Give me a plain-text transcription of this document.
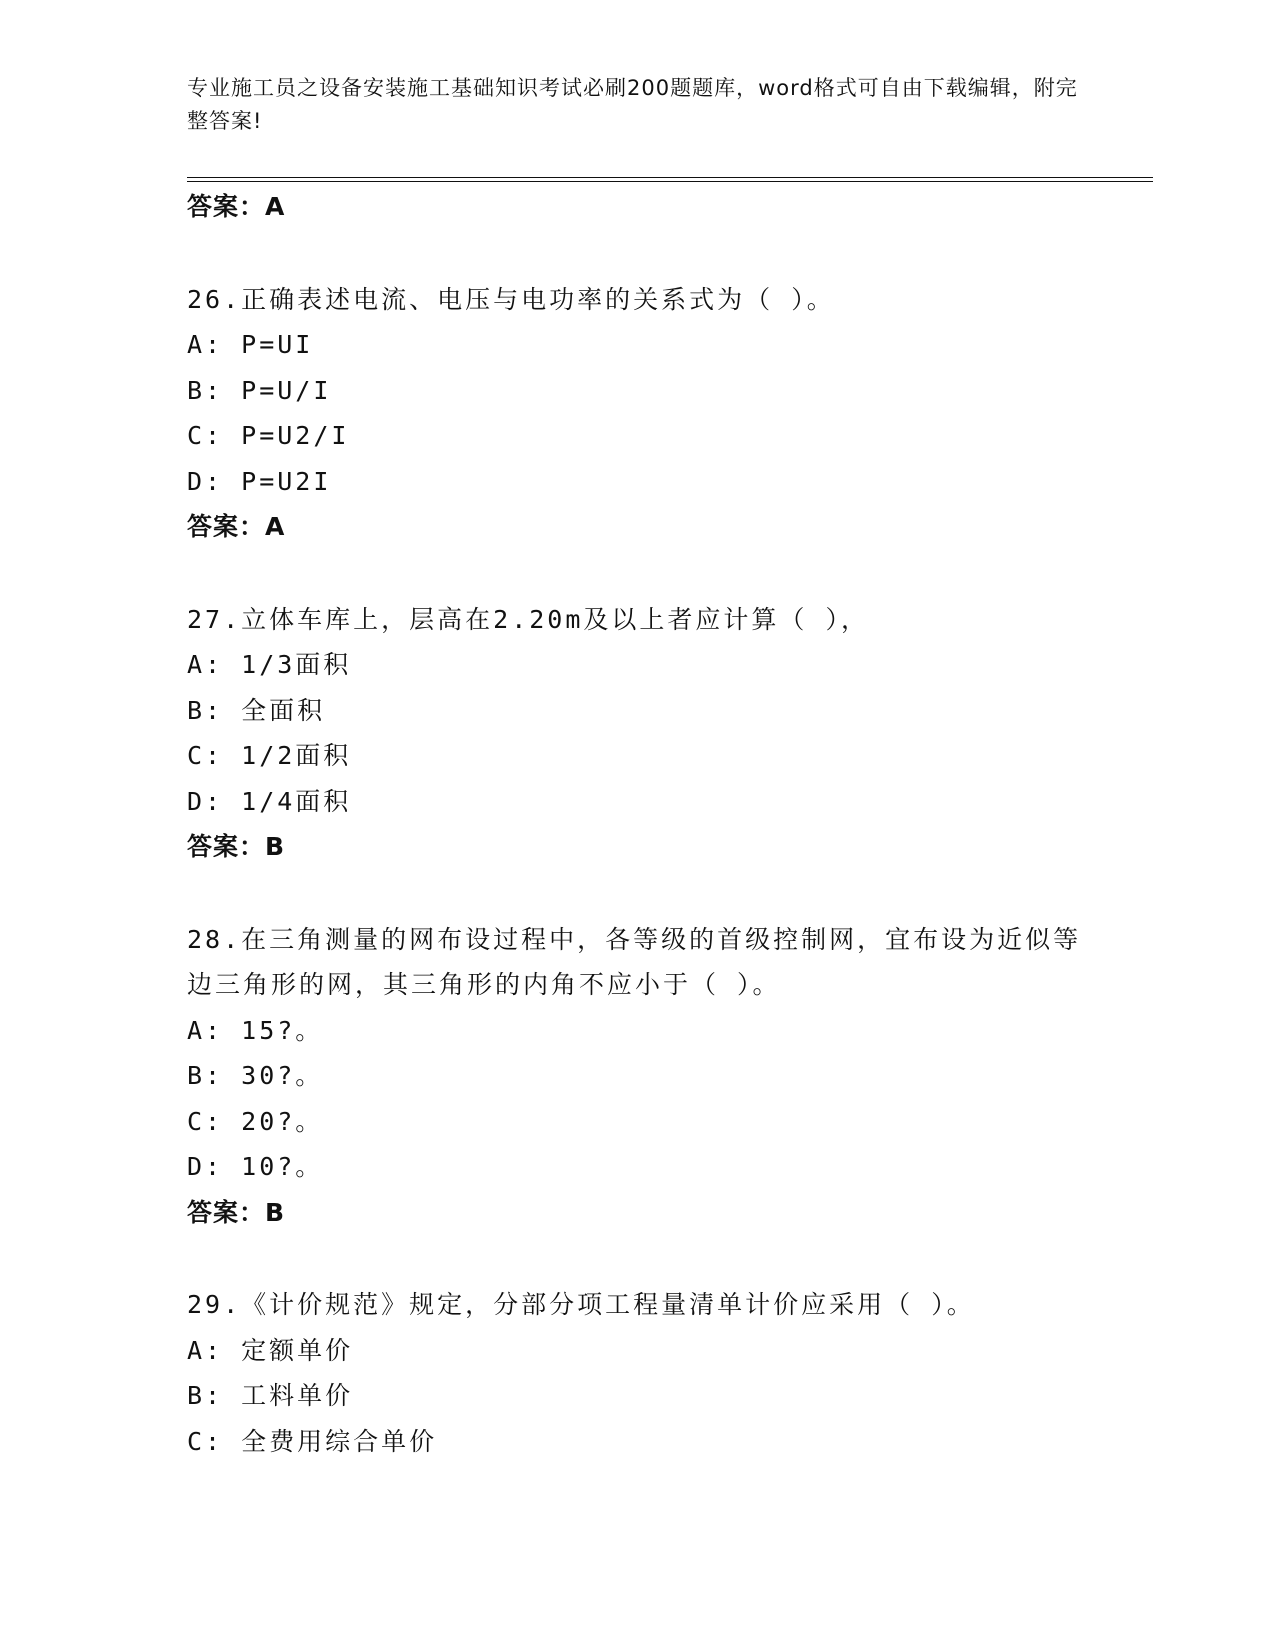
专业施工员之设备安装施工基础知识考试必刷200题题库，word格式可自由下载编辑，附完整答案!
答案：A
26.正确表述电流、电压与电功率的关系式为（ ）。
A: P=UI
B: P=U/I
C: P=U2/I
D: P=U2I
答案：A
27.立体车库上，层高在2.20m及以上者应计算（ ），
A: 1/3面积
B: 全面积
C: 1/2面积
D: 1/4面积
答案：B
28.在三角测量的网布设过程中，各等级的首级控制网，宜布设为近似等边三角形的网，其三角形的内角不应小于（ ）。
A: 15?。
B: 30?。
C: 20?。
D: 10?。
答案：B
29.《计价规范》规定，分部分项工程量清单计价应采用（ ）。
A: 定额单价
B: 工料单价
C: 全费用综合单价
